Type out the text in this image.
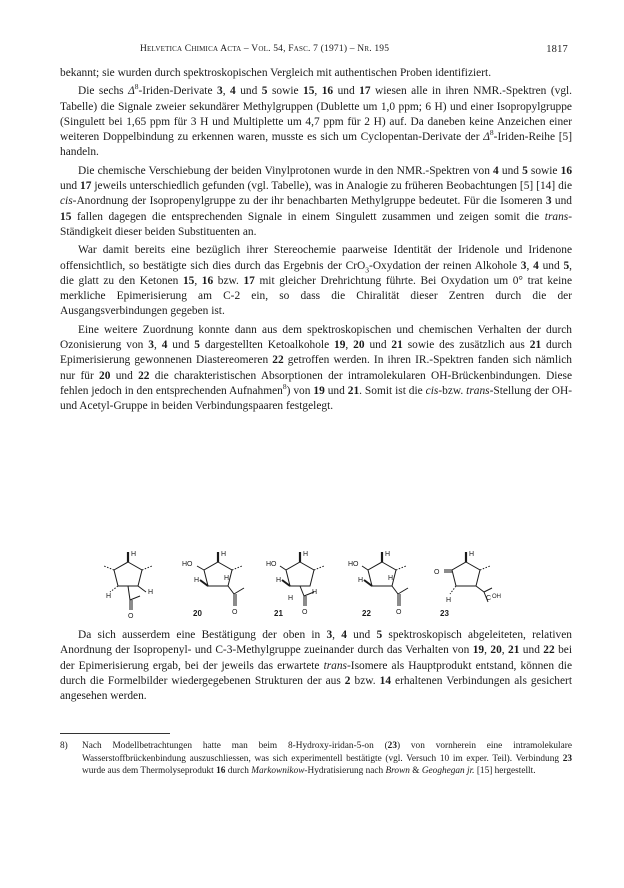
Helvetica Chimica Acta – Vol. 54, Fasc. 7 (1971) – Nr. 195	1817

bekannt; sie wurden durch spektroskopischen Vergleich mit authentischen Proben identifiziert.

Die sechs $\Delta^8-Iriden$-Derivate 3, 4 und 5 sowie 15, 16 und 17 wiesen alle in ihren NMR.-Spektren (vgl. Tabelle) die Signale zweier sekundärer Methylgruppen (Dublette um 1,0 ppm; 6 H) und einer Isopropylgruppe (Singulett bei 1,65 ppm für 3 H und Multiplette um 4,7 ppm für 2 H) auf. Da daneben keine Anzeichen einer weiteren Doppelbindung zu erkennen waren, musste es sich um Cyclopentan-Derivate der $\Delta^8-Iriden$-Reihe [5] handeln.

Die chemische Verschiebung der beiden Vinylprotonen wurde in den NMR.-Spektren von 4 und 5 sowie 16 und 17 jeweils unterschiedlich gefunden (vgl. Tabelle), was in Analogie zu früheren Beobachtungen [5] [14] die cis-Anordnung der Isopropenylgruppe zu der ihr benachbarten Methylgruppe bedeutet. Für die Isomeren 3 und 15 fallen dagegen die entsprechenden Signale in einem Singulett zusammen und zeigen somit die trans-Ständigkeit dieser beiden Substituenten an.

War damit bereits eine bezüglich ihrer Stereochemie paarweise Identität der Iridenole und Iridenone offensichtlich, so bestätigte sich dies durch das Ergebnis der CrO$_3$-Oxydation der reinen Alkohole 3, 4 und 5, die glatt zu den Ketonen 15, 16 bzw. 17 mit gleicher Drehrichtung führte. Bei Oxydation um 0° trat keine merkliche Epimerisierung am C-2 ein, so dass die Chiralität dieser Zentren durch die der Ausgangsverbindungen gegeben ist.

Eine weitere Zuordnung konnte dann aus dem spektroskopischen und chemischen Verhalten der durch Ozonisierung von 3, 4 und 5 dargestellten Ketoalkohole 19, 20 und 21 sowie des zusätzlich aus 21 durch Epimerisierung gewonnenen Diastereomeren 22 getroffen werden. In ihren IR.-Spektren fanden sich nämlich nur für 20 und 22 die charakteristischen Absorptionen der intramolekularen OH-Brückenbindungen. Diese fehlen jedoch in den entsprechenden Aufnahmen$^8$) von 19 und 21. Somit ist die cis-bzw. trans-Stellung der OH- und Acetyl-Gruppe in beiden Verbindungspaaren festgelegt.

H
H
H
O
HO
H
H	H
O
20
HO
H
H
H
H
O
21
HO
H
H	H
O
22
O
H
C OH
H
23

Da sich ausserdem eine Bestätigung der oben in 3, 4 und 5 spektroskopisch abgeleiteten, relativen Anordnung der Isopropenyl- und C-3-Methylgruppe zueinander durch das Verhalten von 19, 20, 21 und 22 bei der Epimerisierung ergab, bei der jeweils das erwartete trans-Isomere als Hauptprodukt entstand, können die durch die Formelbilder wiedergegebenen Strukturen der aus 2 bzw. 14 erhaltenen Verbindungen als gesichert angesehen werden.

8) Nach Modellbetrachtungen hatte man beim 8-Hydroxy-iridan-5-on (23) von vornherein eine intramolekulare Wasserstoffbrückenbindung auszuschliessen, was sich experimentell bestätigte (vgl. Versuch 10 im exper. Teil). Verbindung 23 wurde aus dem Thermolyseprodukt 16 durch Markownikow-Hydratisierung nach Brown & Geoghegan jr. [15] hergestellt.
